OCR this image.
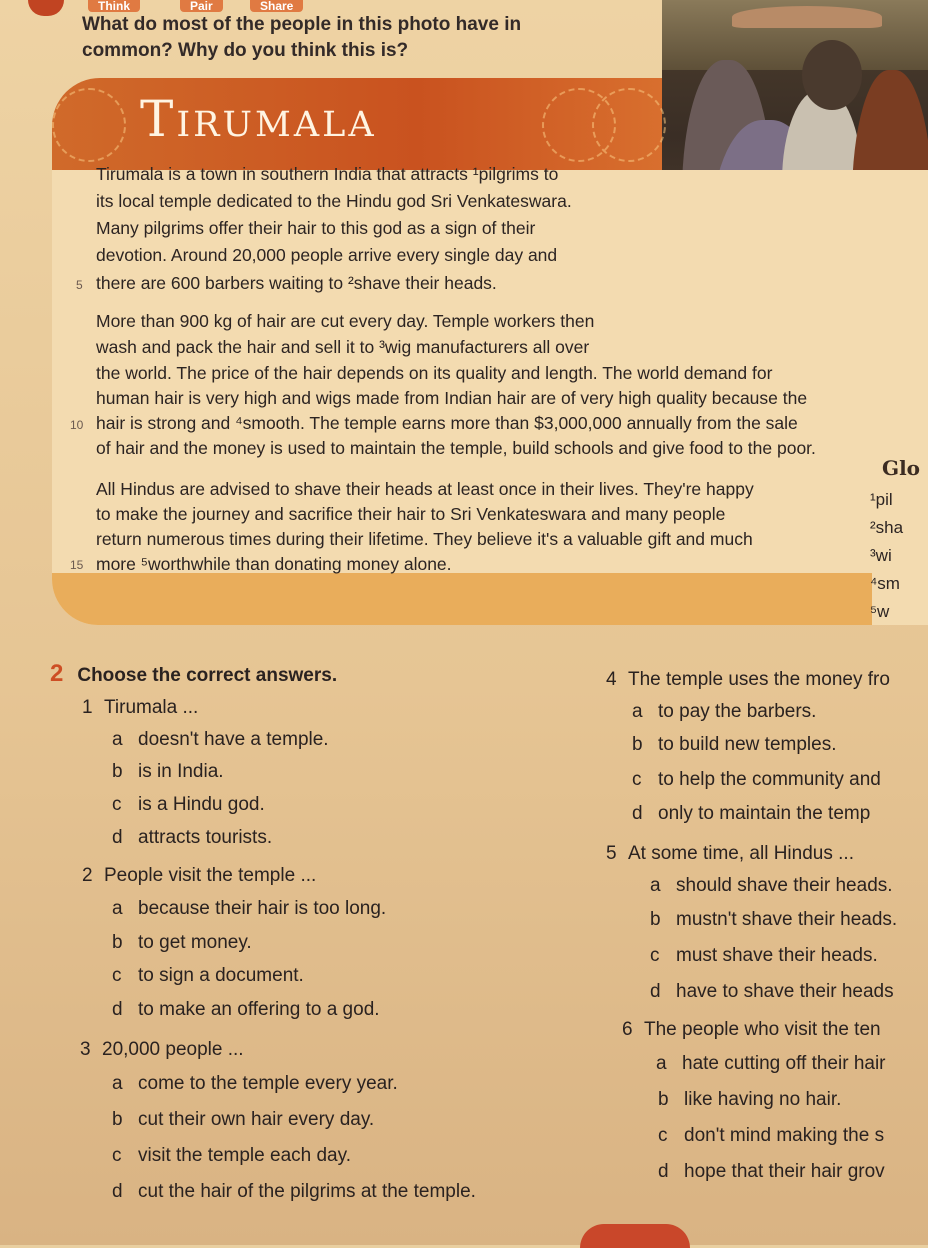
Think	Pair	Share
What do most of the people in this photo have in
common? Why do you think this is?
Tirumala
Tirumala is a town in southern India that attracts ¹pilgrims to
its local temple dedicated to the Hindu god Sri Venkateswara.
Many pilgrims offer their hair to this god as a sign of their
devotion. Around 20,000 people arrive every single day and
5 there are 600 barbers waiting to ²shave their heads.
More than 900 kg of hair are cut every day. Temple workers then
wash and pack the hair and sell it to ³wig manufacturers all over
the world. The price of the hair depends on its quality and length. The world demand for
human hair is very high and wigs made from Indian hair are of very high quality because the
10 hair is strong and ⁴smooth. The temple earns more than $3,000,000 annually from the sale
of hair and the money is used to maintain the temple, build schools and give food to the poor.
All Hindus are advised to shave their heads at least once in their lives. They're happy
to make the journey and sacrifice their hair to Sri Venkateswara and many people
return numerous times during their lifetime. They believe it's a valuable gift and much
15 more ⁵worthwhile than donating money alone.
Glo
¹pil
²sha
³wi
⁴sm
⁵w
2 Choose the correct answers.
1 Tirumala ...
a doesn't have a temple.
b is in India.
c is a Hindu god.
d attracts tourists.
2 People visit the temple ...
a because their hair is too long.
b to get money.
c to sign a document.
d to make an offering to a god.
3 20,000 people ...
a come to the temple every year.
b cut their own hair every day.
c visit the temple each day.
d cut the hair of the pilgrims at the temple.
4 The temple uses the money fro
a to pay the barbers.
b to build new temples.
c to help the community and
d only to maintain the temp
5 At some time, all Hindus ...
a should shave their heads.
b mustn't shave their heads.
c must shave their heads.
d have to shave their heads
6 The people who visit the ten
a hate cutting off their hair
b like having no hair.
c don't mind making the s
d hope that their hair grov
